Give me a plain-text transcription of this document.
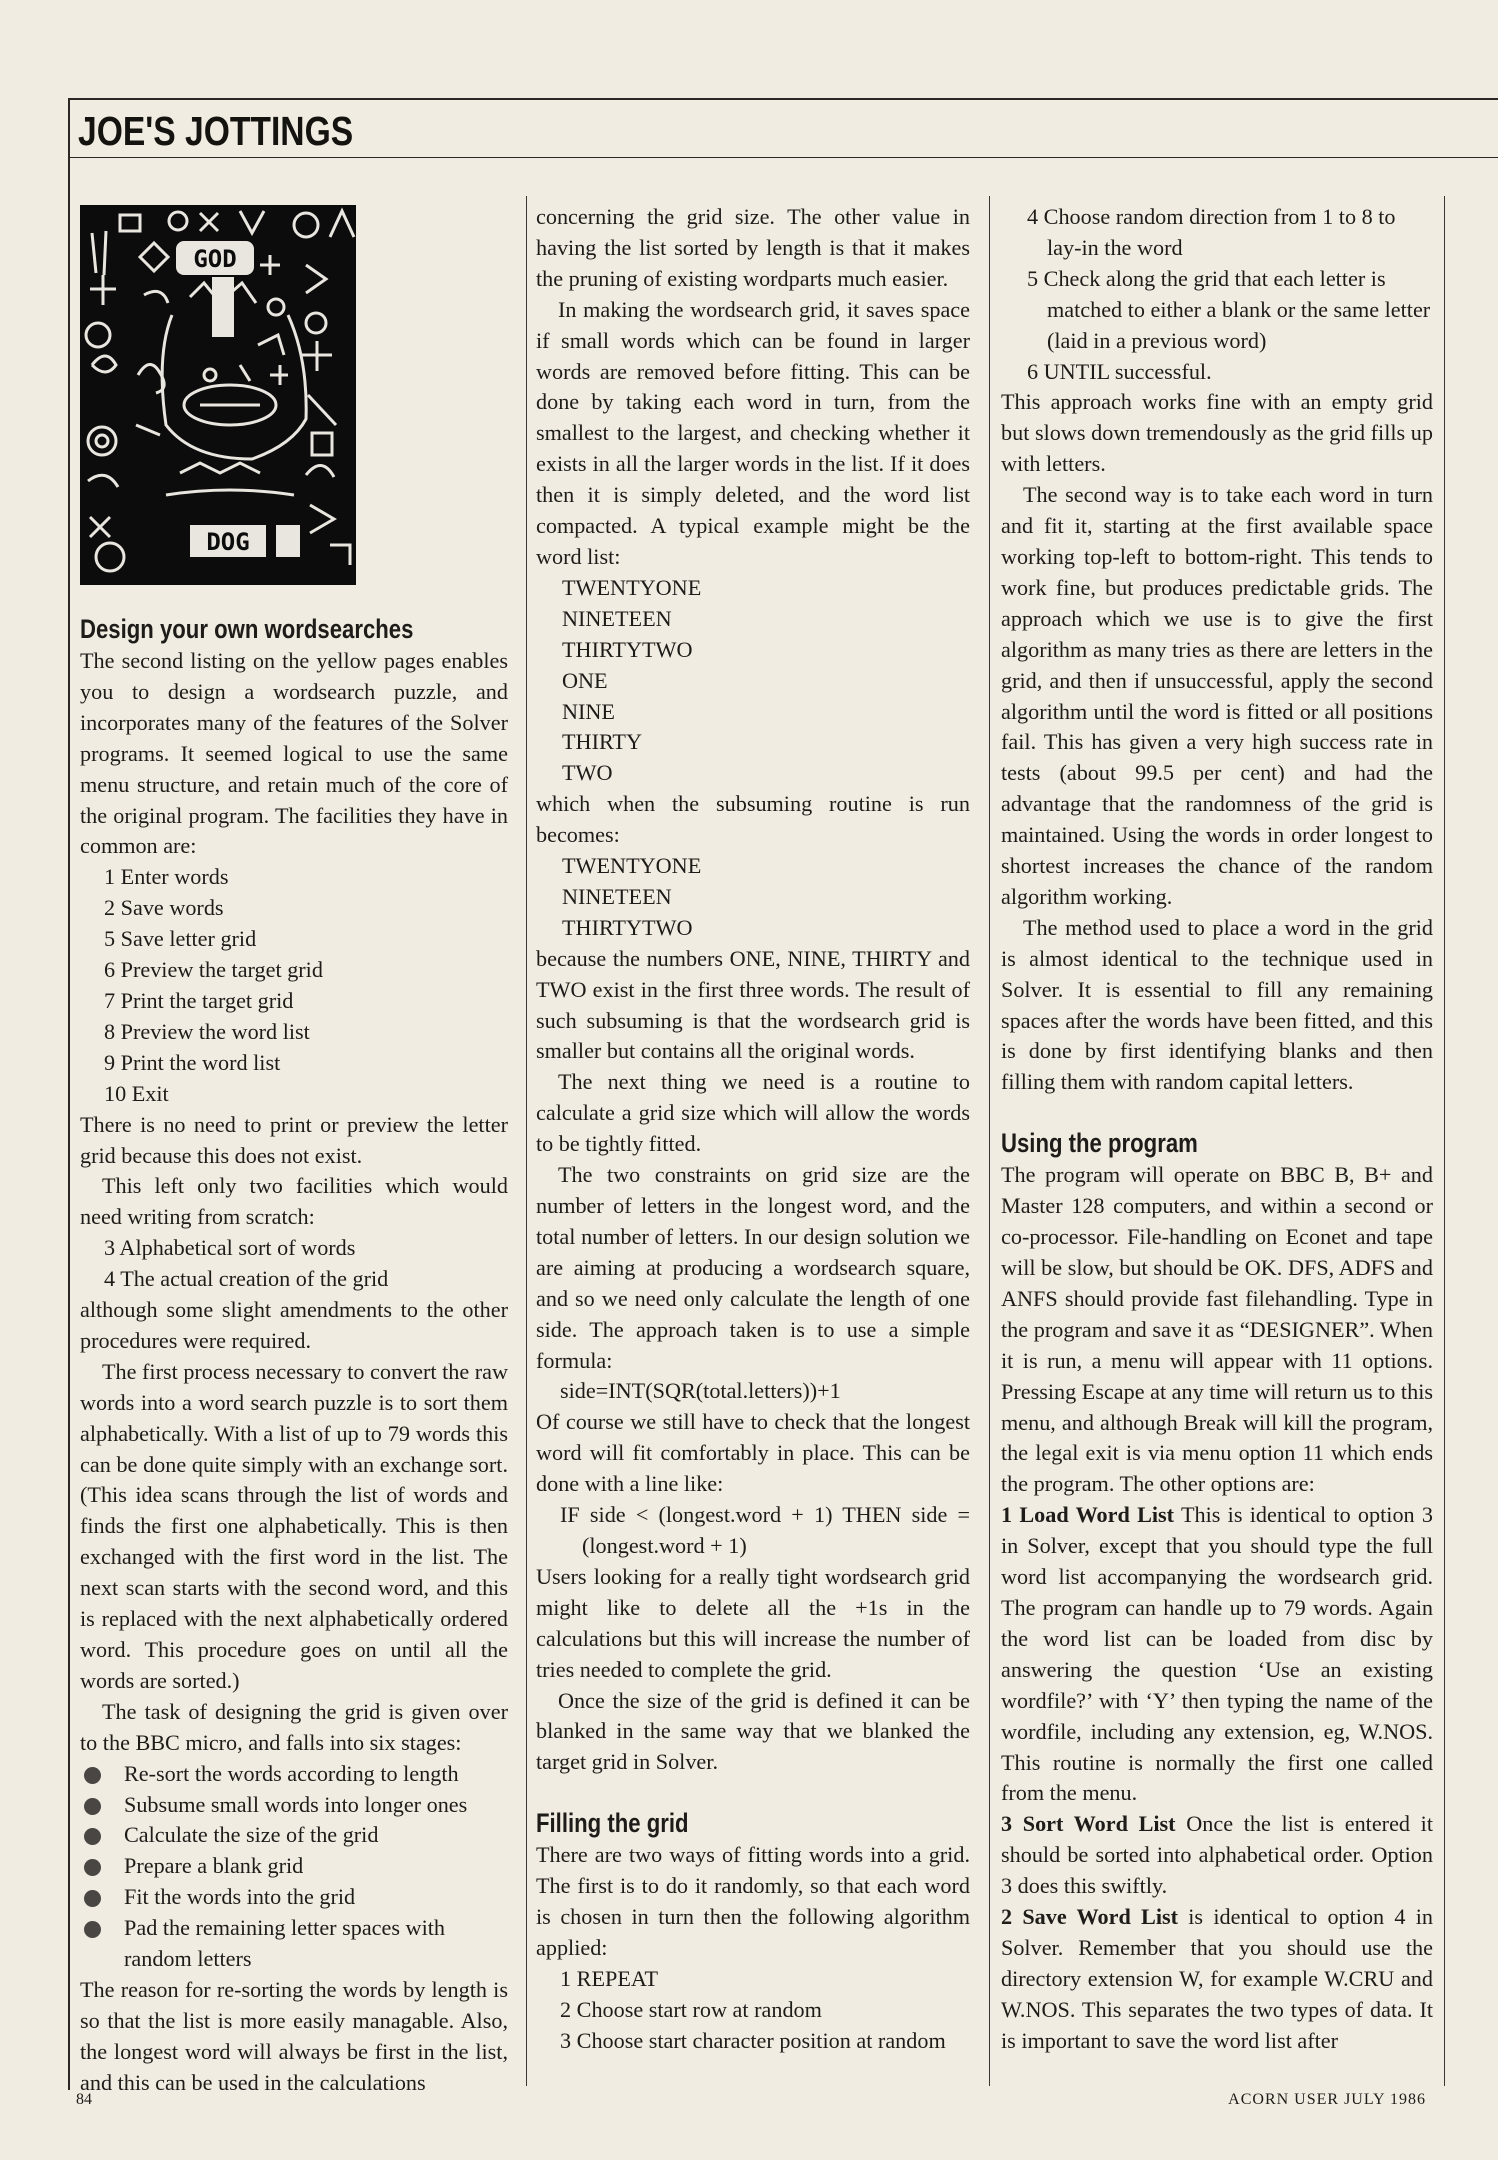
JOE'S JOTTINGS
GOD
DOG
Design your own wordsearches

The second listing on the yellow pages enables you to design a wordsearch puzzle, and incorporates many of the features of the Solver programs. It seemed logical to use the same menu structure, and retain much of the core of the original program. The facilities they have in common are:

1 Enter words
2 Save words
5 Save letter grid
6 Preview the target grid
7 Print the target grid
8 Preview the word list
9 Print the word list
10 Exit

There is no need to print or preview the letter grid because this does not exist.

This left only two facilities which would need writing from scratch:

3 Alphabetical sort of words
4 The actual creation of the grid

although some slight amendments to the other procedures were required.

The first process necessary to convert the raw words into a word search puzzle is to sort them alphabetically. With a list of up to 79 words this can be done quite simply with an exchange sort. (This idea scans through the list of words and finds the first one alphabetically. This is then exchanged with the first word in the list. The next scan starts with the second word, and this is replaced with the next alphabetically ordered word. This procedure goes on until all the words are sorted.)

The task of designing the grid is given over to the BBC micro, and falls into six stages:

Re-sort the words according to length
Subsume small words into longer ones
Calculate the size of the grid
Prepare a blank grid
Fit the words into the grid
Pad the remaining letter spaces with random letters

The reason for re-sorting the words by length is so that the list is more easily managable. Also, the longest word will always be first in the list, and this can be used in the calculations

concerning the grid size. The other value in having the list sorted by length is that it makes the pruning of existing wordparts much easier.

In making the wordsearch grid, it saves space if small words which can be found in larger words are removed before fitting. This can be done by taking each word in turn, from the smallest to the largest, and checking whether it exists in all the larger words in the list. If it does then it is simply deleted, and the word list compacted. A typical example might be the word list:

TWENTYONE
NINETEEN
THIRTYTWO
ONE
NINE
THIRTY
TWO

which when the subsuming routine is run becomes:

TWENTYONE
NINETEEN
THIRTYTWO

because the numbers ONE, NINE, THIRTY and TWO exist in the first three words. The result of such subsuming is that the wordsearch grid is smaller but contains all the original words.

The next thing we need is a routine to calculate a grid size which will allow the words to be tightly fitted.

The two constraints on grid size are the number of letters in the longest word, and the total number of letters. In our design solution we are aiming at producing a wordsearch square, and so we need only calculate the length of one side. The approach taken is to use a simple formula:

side=INT(SQR(total.letters))+1

Of course we still have to check that the longest word will fit comfortably in place. This can be done with a line like:

IF side < (longest.word + 1) THEN side = (longest.word + 1)

Users looking for a really tight wordsearch grid might like to delete all the +1s in the calculations but this will increase the number of tries needed to complete the grid.

Once the size of the grid is defined it can be blanked in the same way that we blanked the target grid in Solver.

Filling the grid

There are two ways of fitting words into a grid. The first is to do it randomly, so that each word is chosen in turn then the following algorithm applied:

1 REPEAT
2 Choose start row at random
3 Choose start character position at random
4 Choose random direction from 1 to 8 to lay-in the word
5 Check along the grid that each letter is matched to either a blank or the same letter (laid in a previous word)
6 UNTIL successful.

This approach works fine with an empty grid but slows down tremendously as the grid fills up with letters.

The second way is to take each word in turn and fit it, starting at the first available space working top-left to bottom-right. This tends to work fine, but produces predictable grids. The approach which we use is to give the first algorithm as many tries as there are letters in the grid, and then if unsuccessful, apply the second algorithm until the word is fitted or all positions fail. This has given a very high success rate in tests (about 99.5 per cent) and had the advantage that the randomness of the grid is maintained. Using the words in order longest to shortest increases the chance of the random algorithm working.

The method used to place a word in the grid is almost identical to the technique used in Solver. It is essential to fill any remaining spaces after the words have been fitted, and this is done by first identifying blanks and then filling them with random capital letters.

Using the program

The program will operate on BBC B, B+ and Master 128 computers, and within a second or co-processor. File-handling on Econet and tape will be slow, but should be OK. DFS, ADFS and ANFS should provide fast filehandling. Type in the program and save it as “DESIGNER”. When it is run, a menu will appear with 11 options. Pressing Escape at any time will return us to this menu, and although Break will kill the program, the legal exit is via menu option 11 which ends the program. The other options are:

1 Load Word List This is identical to option 3 in Solver, except that you should type the full word list accompanying the wordsearch grid. The program can handle up to 79 words. Again the word list can be loaded from disc by answering the question ‘Use an existing wordfile?’ with ‘Y’ then typing the name of the wordfile, including any extension, eg, W.NOS. This routine is normally the first one called from the menu.

3 Sort Word List Once the list is entered it should be sorted into alphabetical order. Option 3 does this swiftly.

2 Save Word List is identical to option 4 in Solver. Remember that you should use the directory extension W, for example W.CRU and W.NOS. This separates the two types of data. It is important to save the word list after

84	ACORN USER JULY 1986
